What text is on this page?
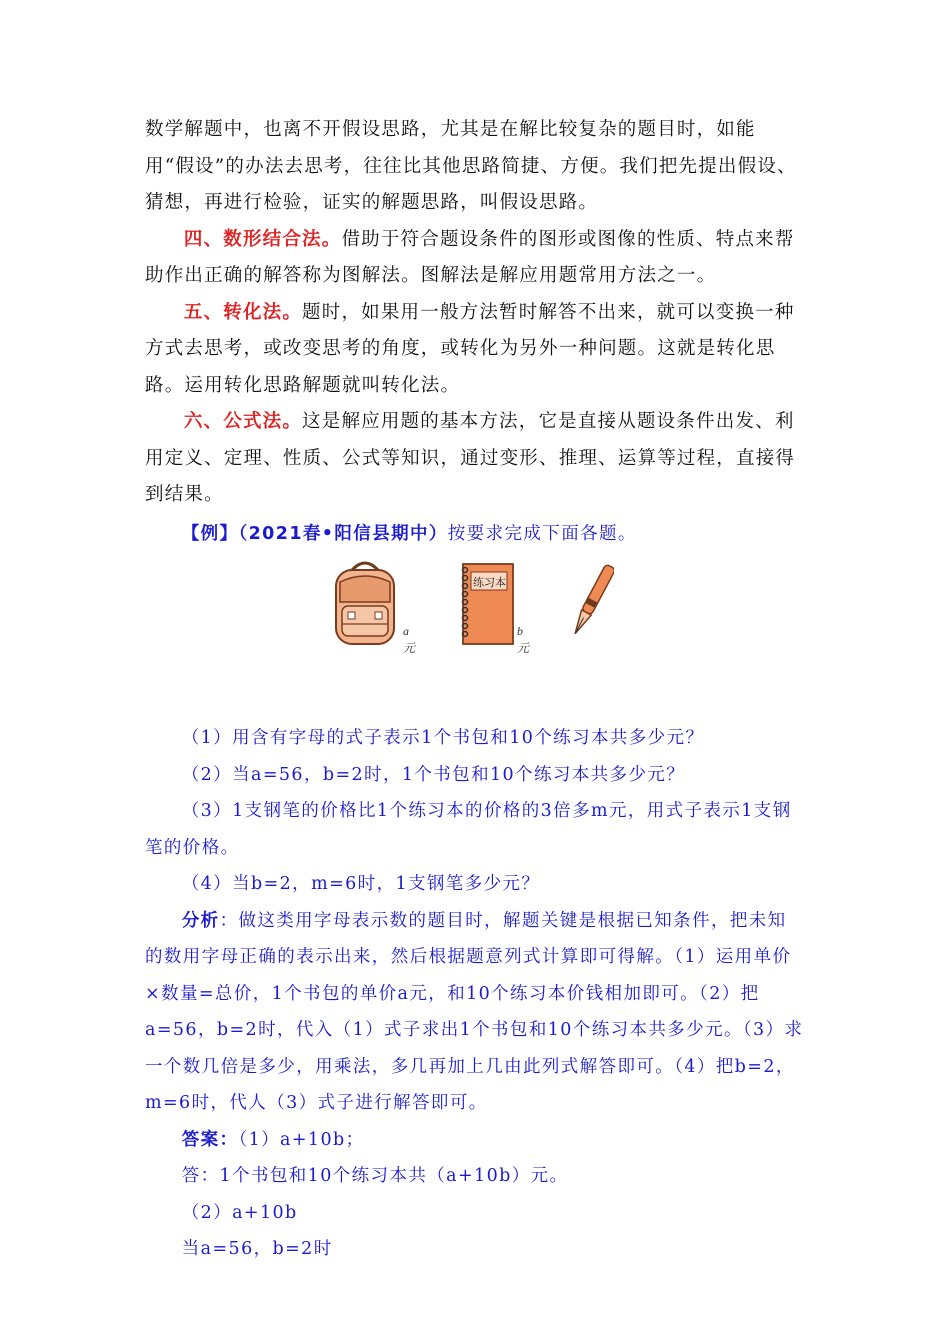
数学解题中，也离不开假设思路，尤其是在解比较复杂的题目时，如能用“假设”的办法去思考，往往比其他思路简捷、方便。我们把先提出假设、猜想，再进行检验，证实的解题思路，叫假设思路。

四、数形结合法。借助于符合题设条件的图形或图像的性质、特点来帮助作出正确的解答称为图解法。图解法是解应用题常用方法之一。

五、转化法。题时，如果用一般方法暂时解答不出来，就可以变换一种方式去思考，或改变思考的角度，或转化为另外一种问题。这就是转化思路。运用转化思路解题就叫转化法。

六、公式法。这是解应用题的基本方法，它是直接从题设条件出发、利用定义、定理、性质、公式等知识，通过变形、推理、运算等过程，直接得到结果。

【例】（2021春•阳信县期中）按要求完成下面各题。

a元
练习本
b元

（1）用含有字母的式子表示1个书包和10个练习本共多少元？

（2）当a=56，b=2时，1个书包和10个练习本共多少元？

（3）1支钢笔的价格比1个练习本的价格的3倍多m元，用式子表示1支钢笔的价格。

（4）当b=2，m=6时，1支钢笔多少元？

分析：做这类用字母表示数的题目时，解题关键是根据已知条件，把未知的数用字母正确的表示出来，然后根据题意列式计算即可得解。（1）运用单价×数量=总价，1个书包的单价a元，和10个练习本价钱相加即可。（2）把a=56，b=2时，代入（1）式子求出1个书包和10个练习本共多少元。（3）求一个数几倍是多少，用乘法，多几再加上几由此列式解答即可。（4）把b=2，m=6时，代人（3）式子进行解答即可。

答案：（1）a+10b；

答：1个书包和10个练习本共（a+10b）元。

（2）a+10b

当a=56，b=2时
